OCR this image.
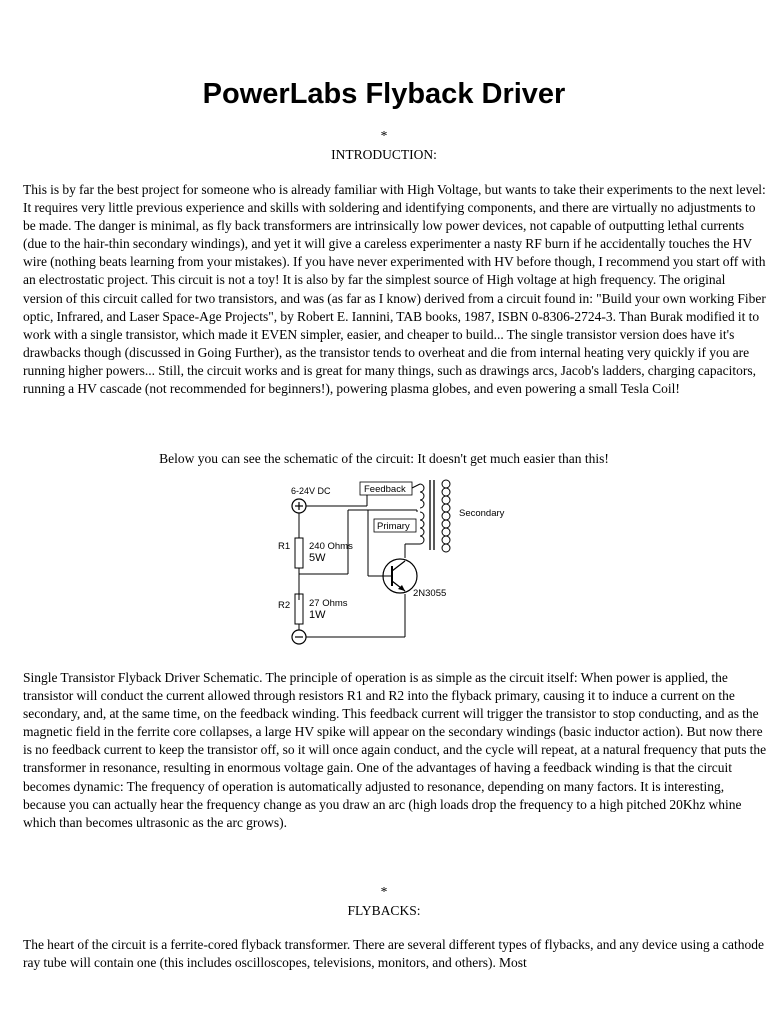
PowerLabs Flyback Driver
*
INTRODUCTION:

This is by far the best project for someone who is already familiar with High Voltage, but wants to take their experiments to the next level: It requires very little previous experience and skills with soldering and identifying components, and there are virtually no adjustments to be made. The danger is minimal, as fly back transformers are intrinsically low power devices, not capable of outputting lethal currents (due to the hair-thin secondary windings), and yet it will give a careless experimenter a nasty RF burn if he accidentally touches the HV wire (nothing beats learning from your mistakes). If you have never experimented with HV before though, I recommend you start off with an electrostatic project. This circuit is not a toy! It is also by far the simplest source of High voltage at high frequency. The original version of this circuit called for two transistors, and was (as far as I know) derived from a circuit found in: "Build your own working Fiber optic, Infrared, and Laser Space-Age Projects", by Robert E. Iannini, TAB books, 1987, ISBN 0-8306-2724-3. Than Burak modified it to work with a single transistor, which made it EVEN simpler, easier, and cheaper to build... The single transistor version does have it's drawbacks though (discussed in Going Further), as the transistor tends to overheat and die from internal heating very quickly if you are running higher powers... Still, the circuit works and is great for many things, such as drawings arcs, Jacob's ladders, charging capacitors, running a HV cascade (not recommended for beginners!), powering plasma globes, and even powering a small Tesla Coil!

Below you can see the schematic of the circuit: It doesn't get much easier than this!
6-24V DC	Feedback
R1 240 Ohms
5W
R2 27 Ohms
1W
Primary
Secondary
2N3055

Single Transistor Flyback Driver Schematic. The principle of operation is as simple as the circuit itself: When power is applied, the transistor will conduct the current allowed through resistors R1 and R2 into the flyback primary, causing it to induce a current on the secondary, and, at the same time, on the feedback winding. This feedback current will trigger the transistor to stop conducting, and as the magnetic field in the ferrite core collapses, a large HV spike will appear on the secondary windings (basic inductor action). But now there is no feedback current to keep the transistor off, so it will once again conduct, and the cycle will repeat, at a natural frequency that puts the transformer in resonance, resulting in enormous voltage gain. One of the advantages of having a feedback winding is that the circuit becomes dynamic: The frequency of operation is automatically adjusted to resonance, depending on many factors. It is interesting, because you can actually hear the frequency change as you draw an arc (high loads drop the frequency to a high pitched 20Khz whine which than becomes ultrasonic as the arc grows).

*
FLYBACKS:

The heart of the circuit is a ferrite-cored flyback transformer. There are several different types of flybacks, and any device using a cathode ray tube will contain one (this includes oscilloscopes, televisions, monitors, and others). Most
